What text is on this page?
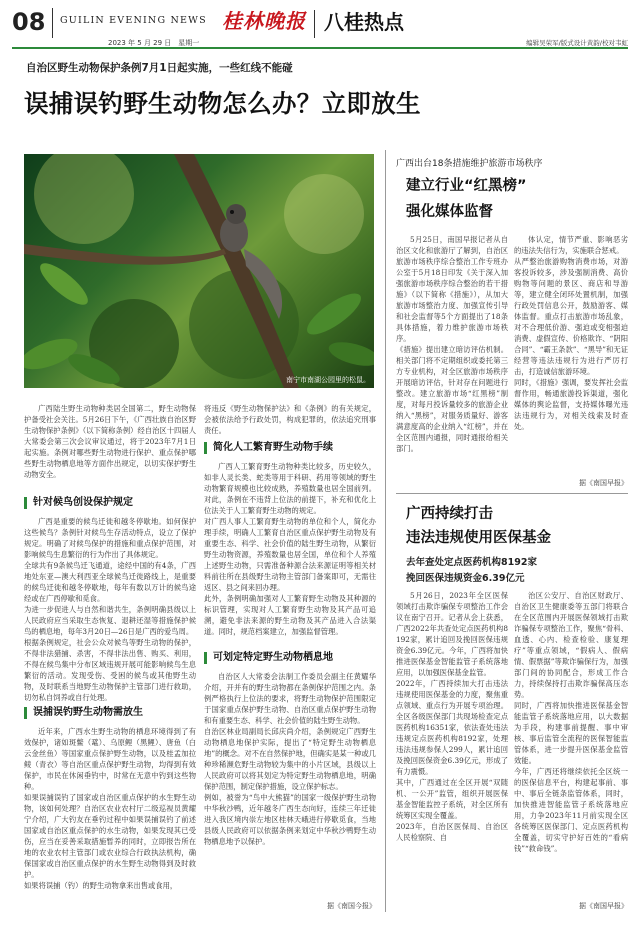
08 GUILIN EVENING NEWS
2023 年 5 月 29 日　星期一
桂林晚报 八桂热点
编辑吴荣军/版式设计黄韵/校对韦虹
自治区野生动物保护条例7月1日起实施，一些红线不能碰
误捕误钓野生动物怎么办？立即放生
南宁市南湖公园里的松鼠。
广西陆生野生动物种类居全国第二，野生动物保护备受社会关注。5月26日下午，《广西壮族自治区野生动物保护条例》（以下简称条例）经自治区十四届人大常委会第三次会议审议通过，将于2023年7月1日起实施。条例对哪些野生动物进行保护、重点保护哪些野生动物栖息地等方面作出规定，以切实保护野生动物安全。
针对候鸟创设保护规定
广西是重要的候鸟迁徙和越冬停歇地。如何保护这些候鸟？条例针对候鸟生存活动特点，设立了保护规定。明确了对候鸟保护的措施和重点保护范围，对影响候鸟生息繁衍的行为作出了具体规定。
全球共有9条候鸟迁飞通道，途经中国的有4条，广西地处东亚—澳大利西亚全球候鸟迁徙路线上，是重要的候鸟迁徙和越冬停歇地，每年有数以万计的候鸟途经或在广西停歇和觅食。
为进一步促进人与自然和谐共生，条例明确县级以上人民政府应当采取生态恢复、退耕还湿等措施保护候鸟的栖息地，每年3月20日—26日是广西的爱鸟周。
根据条例规定，社会公众对候鸟等野生动物的保护，不得非法猎捕、杀害，不得非法出售、购买、利用，不得在候鸟集中分布区域违规开展可能影响候鸟生息繁衍的活动。发现受伤、受困的候鸟或其他野生动物，及时联系当地野生动物保护主管部门进行救助，切勿私自饲养或自行处理。
误捕误钓野生动物需放生
近年来，广西水生野生动物的栖息环境得到了有效保护，诸如斑鳖（鼋）、乌原鲤（黑鲤）、唐鱼（白云金丝鱼）等国家重点保护野生动物，以及桂孟加拉鲮（青衣）等自治区重点保护野生动物，均得到有效保护，市民在休闲垂钓中，时常在无意中钓到这些物种。
如果误捕误钓了国家或自治区重点保护的水生野生动物，该如何处理？自治区农业农村厅二级巡视员黄耀宁介绍，广大钓友在垂钓过程中如果误捕误钓了前述国家或自治区重点保护的水生动物，如果发现其已受伤，应当在妥善采取措施暂养的同时，立即报告所在地的农业农村主管部门或农业综合行政执法机构，确保国家或自治区重点保护的水生野生动物得到及时救护。
如果将误捕（钓）的野生动物拿来出售或食用，
将违反《野生动物保护法》和《条例》的有关规定，会被依法给予行政处罚，构成犯罪的，依法追究刑事责任。
简化人工繁育野生动物手续
广西人工繁育野生动物种类比较多，历史较久，如非人灵长类、蛇类等用于科研、药用等领域的野生动物繁育规模也比较成熟，养殖数量也居全国前列。对此，条例在不违背上位法的前提下，补充和优化上位法关于人工繁育野生动物的规定。
对广西人事人工繁育野生动物的单位和个人，简化办理手续，明确人工繁育自治区重点保护野生动物及有重要生态、科学、社会价值的陆生野生动物，从繁衍野生动物资源，养殖数量也居全国，单位和个人养殖上述野生动物，只需准备种源合法来源证明等相关材料前往所在县级野生动物主管部门备案即可，无需往返区、县之间来回办理。
此外，条例明确加强对人工繁育野生动物及其种源的标识管理，实现对人工繁育野生动物及其产品可追溯，避免非法来源的野生动物及其产品进入合法渠道。同时，规范档案建立，加强监督管理。
可划定特定野生动物栖息地
自治区人大常委会法制工作委员会副主任黄耀华介绍，开并有的野生动物都在条例保护范围之内。条例严格执行上位法的要求，将野生动物保护范围限定于国家重点保护野生动物、自治区重点保护野生动物和有重要生态、科学、社会价值的陆生野生动物。
自治区林业局副局长邱庆尚介绍，条例规定广西野生动物栖息地保护实际，提出了“特定野生动物栖息地”的概念。对不在自然保护地，但确实是某一种或几种珍稀濒危野生动物较为集中的小片区域，县级以上人民政府可以将其划定为特定野生动物栖息地，明确保护范围，制定保护措施，设立保护标志。
例如，被誉为“鸟中大熊猫”的国家一级保护野生动物中华秋沙鸭，近年越冬广西生态向好，连续三年迁徙进入我区境内崇左地区桂林天峨进行停歇觅食，当地县级人民政府可以依据条例来划定中华秋沙鸭野生动物栖息地予以保护。
据《南国今报》
广西出台18条措施维护旅游市场秩序
建立行业“红黑榜”
强化媒体监督
5月25日，南国早报记者从自治区文化和旅游厅了解到，自治区旅游市场秩序综合整治工作专班办公室于5月18日印发《关于深入加强旅游市场秩序综合整治的若干措施》（以下简称《措施》），从加大旅游市场整治力度、加强宣传引导和社会监督等5个方面提出了18条具体措施，着力维护旅游市场秩序。
《措施》提出建立暗访评估机制。相关部门将不定期组织或委托第三方专业机构，对全区旅游市场秩序开展暗访评估，针对存在问题进行整改。建立旅游市场“红黑榜”制度，对每月投诉量较多的旅游企业纳入“黑榜”，对服务质量好、游客满意度高的企业纳入“红榜”，并在全区范围内通报，同时通报给相关部门。
体认定，情节严重、影响恶劣的违法失信行为，实施联合惩戒。
从严整治旅游购物消费市场，对游客投诉较多，涉及强制消费、高价购物等问题的景区、商店和导游等，建立健全闭环处置机制，加强行政处罚信息公开，鼓励游客、媒体监督。重点打击旅游市场乱象，对不合理低价游、强迫或变相强迫消费、虚假宣传、价格欺诈、“阴阳合同”、“霸王条款”、“黑导”和无证经营等违法违规行为进行严厉打击，打造诚信旅游环境。
同时，《措施》强调，要发挥社会监督作用，畅通旅游投诉渠道，强化媒体的舆论监督，支持媒体曝光违法违规行为，对相关线索及时查处。
据《南国早报》
广西持续打击
违法违规使用医保基金
去年查处定点医药机构8192家
挽回医保违规资金6.39亿元
5月26日，2023年全区医保领域打击欺诈骗保专项整治工作会议在南宁召开。记者从会上获悉，广西2022年共查处定点医药机构8192家，累计追回及挽回医保违规资金6.39亿元。今年，广西将加快推进医保基金智能监管子系统落地应用，以加强医保基金监管。
2022年，广西持续加大打击违法违规使用医保基金的力度，聚焦重点领域、重点行为开展专项治理。全区各级医保部门共现场检查定点医药机构16351家，依法查处违法违规定点医药机构8192家，处理违法违规参保人299人，累计追回及挽回医保资金6.39亿元，形成了有力震慑。
其中，广西通过在全区开展“双随机、一公开”监管，组织开展医保基金智能监控子系统，对全区所有统筹区实现全覆盖。
2023年，自治区医保局、自治区人民检察院、自
治区公安厅、自治区财政厅、自治区卫生健康委等五部门将联合在全区范围内开展医保领域打击欺诈骗保专项整治工作，聚焦“骨科、血透、心内、检查检验、康复理疗”等重点领域，“假病人、假病情、假票据”等欺诈骗保行为，加强部门间的协同配合，形成工作合力，持续保持打击欺诈骗保高压态势。
同时，广西将加快推进医保基金智能监管子系统落地应用，以大数据为手段，构建事前提醒、事中审核、事后监管全流程的医保智能监管体系，进一步提升医保基金监管效能。
今年，广西还将继续依托全区统一的医保信息平台，构建起事前、事中、事后全链条监管体系，同时，加快推进智能监管子系统落地应用，力争2023年11月前实现全区各统筹区医保部门、定点医药机构全覆盖，切实守护好百姓的“看病钱”“救命钱”。
据《南国早报》
